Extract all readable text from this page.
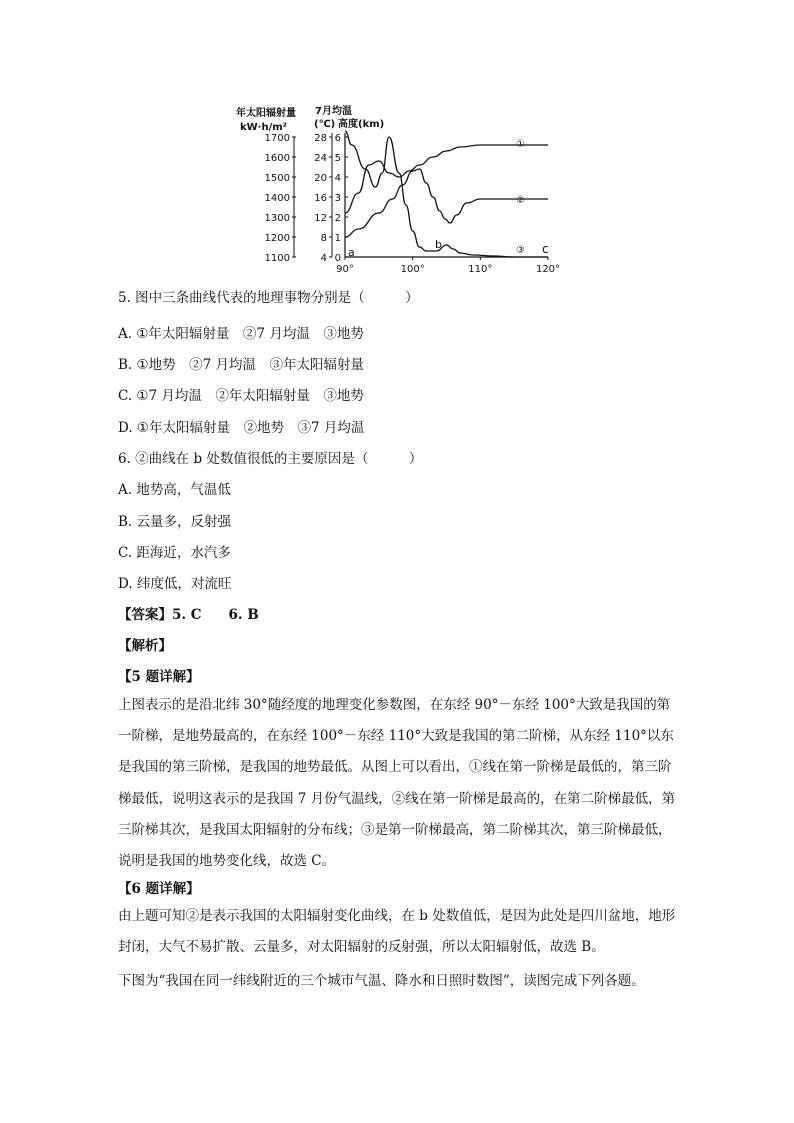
年太阳辐射量
kW·h/m²
7月均温
(℃) 高度(km)
1700
1600
1500
1400
1300
1200
1100
28
24
20
16
12
8
4
6
5
4
3
2
1
0
90°	100°	110°	120°
a
b	c
①
②
③
5. 图中三条曲线代表的地理事物分别是（　　　）
A. ①年太阳辐射量　②7 月均温　③地势
B. ①地势　②7 月均温　③年太阳辐射量
C. ①7 月均温　②年太阳辐射量　③地势
D. ①年太阳辐射量　②地势　③7 月均温
6. ②曲线在 b 处数值很低的主要原因是（　　　）
A. 地势高，气温低
B. 云量多，反射强
C. 距海近，水汽多
D. 纬度低，对流旺
【答案】5. C　　6. B
【解析】
【5 题详解】
上图表示的是沿北纬 30°随经度的地理变化参数图，在东经 90°－东经 100°大致是我国的第一阶梯，是地势最高的，在东经 100°－东经 110°大致是我国的第二阶梯，从东经 110°以东是我国的第三阶梯，是我国的地势最低。从图上可以看出，①线在第一阶梯是最低的，第三阶梯最低，说明这表示的是我国 7 月份气温线，②线在第一阶梯是最高的，在第二阶梯最低，第三阶梯其次，是我国太阳辐射的分布线；③是第一阶梯最高，第二阶梯其次，第三阶梯最低，说明是我国的地势变化线，故选 C。
【6 题详解】
由上题可知②是表示我国的太阳辐射变化曲线，在 b 处数值低，是因为此处是四川盆地，地形封闭，大气不易扩散、云量多，对太阳辐射的反射强，所以太阳辐射低，故选 B。
下图为“我国在同一纬线附近的三个城市气温、降水和日照时数图”，读图完成下列各题。
